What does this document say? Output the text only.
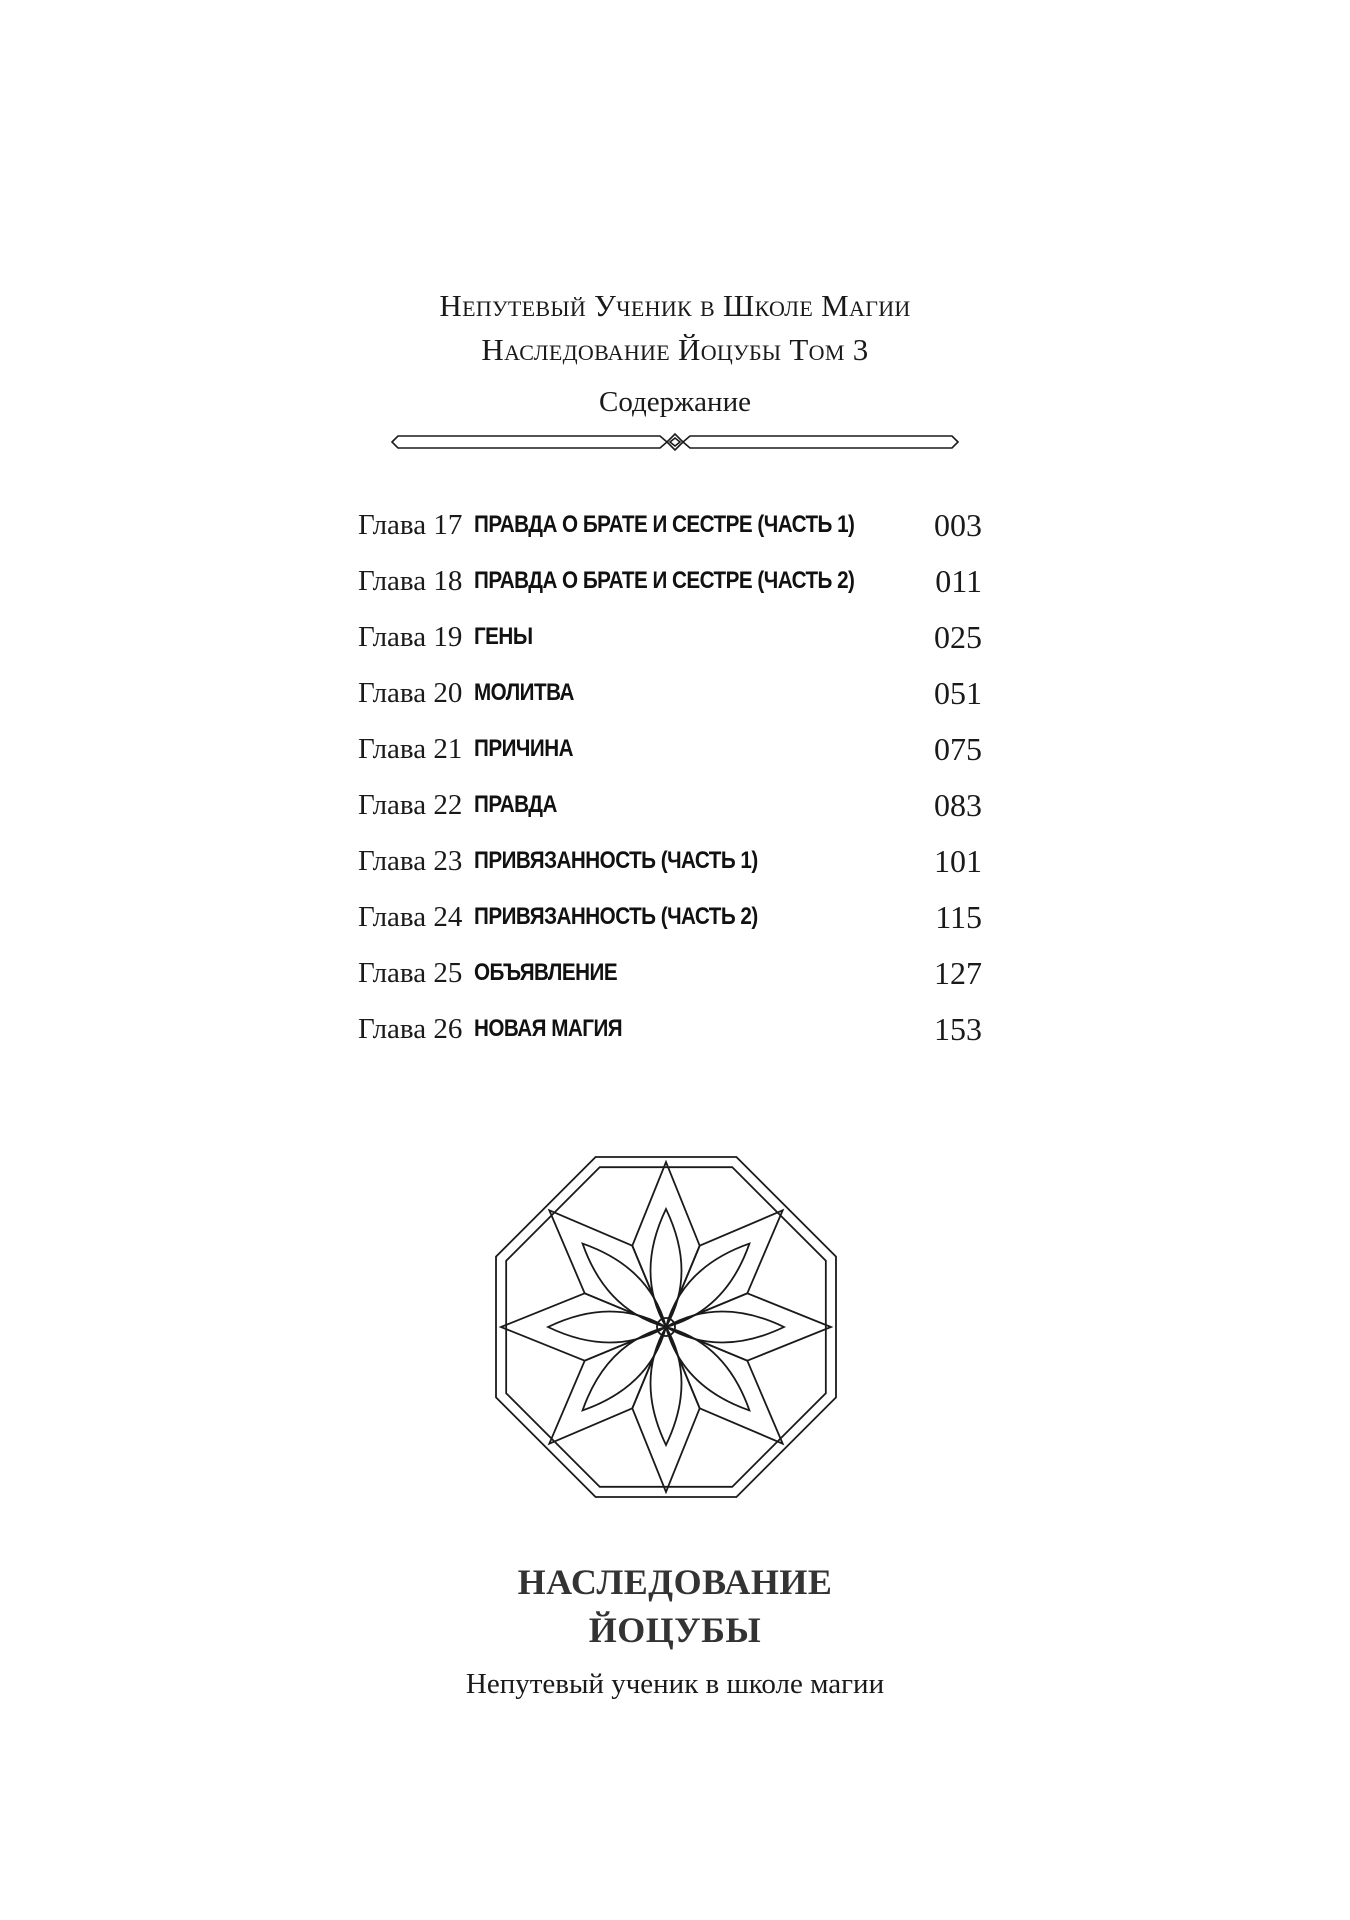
Непутевый Ученик в Школе Магии
Наследование Йоцубы Том 3
Содержание
Глава 17 ПРАВДА О БРАТЕ И СЕСТРЕ (ЧАСТЬ 1) 003
Глава 18 ПРАВДА О БРАТЕ И СЕСТРЕ (ЧАСТЬ 2)	011
Глава 19 ГЕНЫ	025
Глава 20 МОЛИТВА	051
Глава 21 ПРИЧИНА	075
Глава 22 ПРАВДА	083
Глава 23 ПРИВЯЗАННОСТЬ (ЧАСТЬ 1)	101
Глава 24 ПРИВЯЗАННОСТЬ (ЧАСТЬ 2)	115
Глава 25 ОБЪЯВЛЕНИЕ	127
Глава 26 НОВАЯ МАГИЯ	153
НАСЛЕДОВАНИЕ
ЙОЦУБЫ
Непутевый ученик в школе магии
